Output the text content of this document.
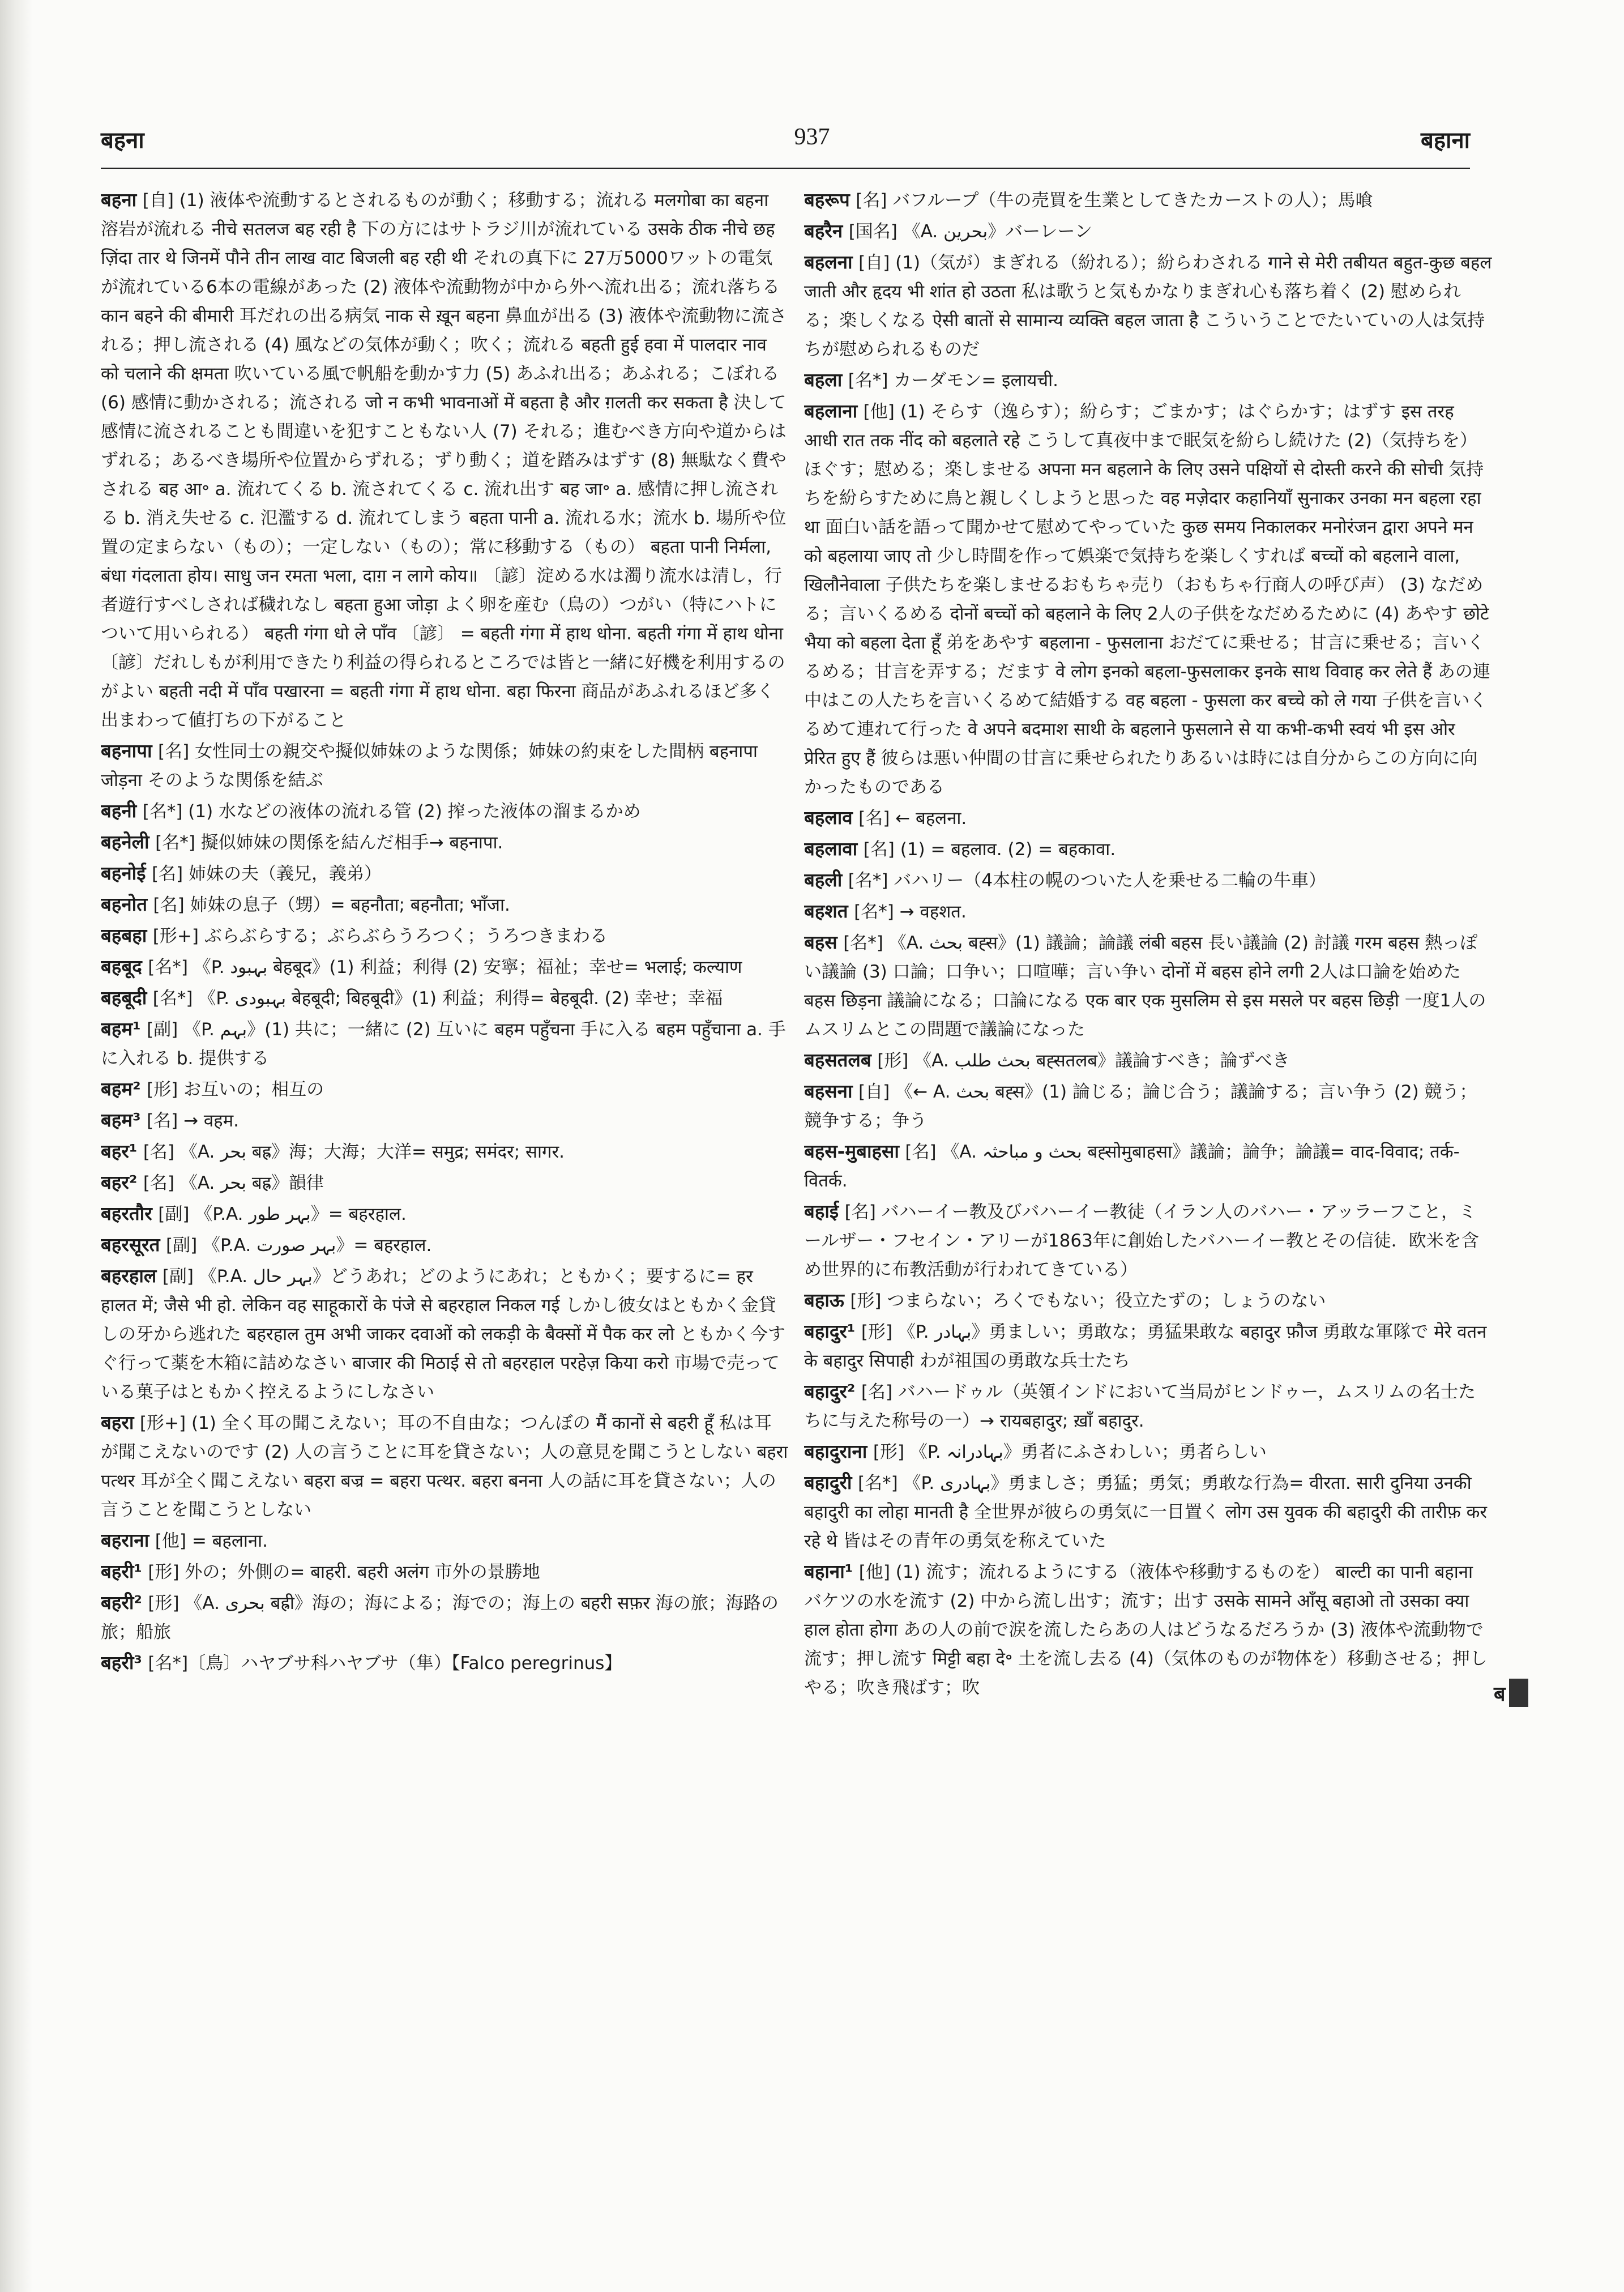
बहना	937	बहाना

बहना [自] (1) 液体や流動するとされるものが動く；移動する；流れる मलगोबा का बहना 溶岩が流れる नीचे सतलज बह रही है 下の方にはサトラジ川が流れている उसके ठीक नीचे छह ज़िंदा तार थे जिनमें पौने तीन लाख वाट बिजली बह रही थी それの真下に 27万5000ワットの電気が流れている6本の電線があった (2) 液体や流動物が中から外へ流れ出る；流れ落ちる कान बहने की बीमारी 耳だれの出る病気 नाक से ख़ून बहना 鼻血が出る (3) 液体や流動物に流される；押し流される (4) 風などの気体が動く；吹く；流れる बहती हुई हवा में पालदार नाव को चलाने की क्षमता 吹いている風で帆船を動かす力 (5) あふれ出る；あふれる；こぼれる (6) 感情に動かされる；流される जो न कभी भावनाओं में बहता है और ग़लती कर सकता है 決して感情に流されることも間違いを犯すこともない人 (7) それる；進むべき方向や道からはずれる；あるべき場所や位置からずれる；ずり動く；道を踏みはずす (8) 無駄なく費やされる बह आ॰ a. 流れてくる b. 流されてくる c. 流れ出す बह जा॰ a. 感情に押し流される b. 消え失せる c. 氾濫する d. 流れてしまう बहता पानी a. 流れる水；流水 b. 場所や位置の定まらない（もの）；一定しない（もの）；常に移動する（もの） बहता पानी निर्मला, बंधा गंदलाता होय। साधु जन रमता भला, दाग़ न लागे कोय॥ 〔諺〕淀める水は濁り流水は清し，行者遊行すべしされば穢れなし बहता हुआ जोड़ा よく卵を産む（鳥の）つがい（特にハトについて用いられる） बहती गंगा धो ले पाँव 〔諺〕 = बहती गंगा में हाथ धोना. बहती गंगा में हाथ धोना 〔諺〕だれしもが利用できたり利益の得られるところでは皆と一緒に好機を利用するのがよい बहती नदी में पाँव पखारना = बहती गंगा में हाथ धोना. बहा फिरना 商品があふれるほど多く出まわって値打ちの下がること

बहनापा [名] 女性同士の親交や擬似姉妹のような関係；姉妹の約束をした間柄 बहनापा जोड़ना そのような関係を結ぶ

बहनी [名*] (1) 水などの液体の流れる管 (2) 搾った液体の溜まるかめ

बहनेली [名*] 擬似姉妹の関係を結んだ相手→ बहनापा.

बहनोई [名] 姉妹の夫（義兄，義弟）

बहनोत [名] 姉妹の息子（甥）= बहनौता; बहनौता; भाँजा.

बहबहा [形+] ぶらぶらする；ぶらぶらうろつく；うろつきまわる

बहबूद [名*] 《P. بہبود बेहबूद》(1) 利益；利得 (2) 安寧；福祉；幸せ= भलाई; कल्याण

बहबूदी [名*] 《P. بہبودی बेहबूदी; बिहबूदी》(1) 利益；利得= बेहबूदी. (2) 幸せ；幸福

बहम¹ [副] 《P. بہم》(1) 共に；一緒に (2) 互いに बहम पहुँचना 手に入る बहम पहुँचाना a. 手に入れる b. 提供する

बहम² [形] お互いの；相互の

बहम³ [名] → वहम.

बहर¹ [名] 《A. بحر बह्र》海；大海；大洋= समुद्र; समंदर; सागर.

बहर² [名] 《A. بحر बह्र》韻律

बहरतौर [副] 《P.A. بہر طور》= बहरहाल.

बहरसूरत [副] 《P.A. بہر صورت》= बहरहाल.

बहरहाल [副] 《P.A. بہر حال》どうあれ；どのようにあれ；ともかく；要するに= हर हालत में; जैसे भी हो. लेकिन वह साहूकारों के पंजे से बहरहाल निकल गई しかし彼女はともかく金貸しの牙から逃れた बहरहाल तुम अभी जाकर दवाओं को लकड़ी के बैक्सों में पैक कर लो ともかく今すぐ行って薬を木箱に詰めなさい बाजार की मिठाई से तो बहरहाल परहेज़ किया करो 市場で売っている菓子はともかく控えるようにしなさい

बहरा [形+] (1) 全く耳の聞こえない；耳の不自由な；つんぼの मैं कानों से बहरी हूँ 私は耳が聞こえないのです (2) 人の言うことに耳を貸さない；人の意見を聞こうとしない बहरा पत्थर 耳が全く聞こえない बहरा बज्र = बहरा पत्थर. बहरा बनना 人の話に耳を貸さない；人の言うことを聞こうとしない

बहराना [他] = बहलाना.

बहरी¹ [形] 外の；外側の= बाहरी. बहरी अलंग 市外の景勝地

बहरी² [形] 《A. بحری बह्री》海の；海による；海での；海上の बहरी सफ़र 海の旅；海路の旅；船旅

बहरी³ [名*]〔鳥〕ハヤブサ科ハヤブサ（隼）【Falco peregrinus】

बहरूप [名] バフループ（牛の売買を生業としてきたカーストの人）；馬喰

बहरैन [国名] 《A. بحرین》バーレーン

बहलना [自] (1)（気が）まぎれる（紛れる）；紛らわされる गाने से मेरी तबीयत बहुत-कुछ बहल जाती और हृदय भी शांत हो उठता 私は歌うと気もかなりまぎれ心も落ち着く (2) 慰められる；楽しくなる ऐसी बातों से सामान्य व्यक्ति बहल जाता है こういうことでたいていの人は気持ちが慰められるものだ

बहला [名*] カーダモン= इलायची.

बहलाना [他] (1) そらす（逸らす）；紛らす；ごまかす；はぐらかす；はずす इस तरह आधी रात तक नींद को बहलाते रहे こうして真夜中まで眠気を紛らし続けた (2)（気持ちを）ほぐす；慰める；楽しませる अपना मन बहलाने के लिए उसने पक्षियों से दोस्ती करने की सोची 気持ちを紛らすために鳥と親しくしようと思った वह मज़ेदार कहानियाँ सुनाकर उनका मन बहला रहा था 面白い話を語って聞かせて慰めてやっていた कुछ समय निकालकर मनोरंजन द्वारा अपने मन को बहलाया जाए तो 少し時間を作って娯楽で気持ちを楽しくすれば बच्चों को बहलाने वाला, खिलौनेवाला 子供たちを楽しませるおもちゃ売り（おもちゃ行商人の呼び声） (3) なだめる；言いくるめる दोनों बच्चों को बहलाने के लिए 2人の子供をなだめるために (4) あやす छोटे भैया को बहला देता हूँ 弟をあやす बहलाना - फुसलाना おだてに乗せる；甘言に乗せる；言いくるめる；甘言を弄する；だます वे लोग इनको बहला-फुसलाकर इनके साथ विवाह कर लेते हैं あの連中はこの人たちを言いくるめて結婚する वह बहला - फुसला कर बच्चे को ले गया 子供を言いくるめて連れて行った वे अपने बदमाश साथी के बहलाने फुसलाने से या कभी-कभी स्वयं भी इस ओर प्रेरित हुए हैं 彼らは悪い仲間の甘言に乗せられたりあるいは時には自分からこの方向に向かったものである

बहलाव [名] ← बहलना.

बहलावा [名] (1) = बहलाव. (2) = बहकावा.

बहली [名*] バハリー（4本柱の幌のついた人を乗せる二輪の牛車）

बहशत [名*] → वहशत.

बहस [名*] 《A. بحث बह्स》(1) 議論；論議 लंबी बहस 長い議論 (2) 討議 गरम बहस 熱っぽい議論 (3) 口論；口争い；口喧嘩；言い争い दोनों में बहस होने लगी 2人は口論を始めた बहस छिड़ना 議論になる；口論になる एक बार एक मुसलिम से इस मसले पर बहस छिड़ी 一度1人のムスリムとこの問題で議論になった

बहसतलब [形] 《A. بحث طلب बह्सतलब》議論すべき；論ずべき

बहसना [自] 《← A. بحث बह्स》(1) 論じる；論じ合う；議論する；言い争う (2) 競う；競争する；争う

बहस-मुबाहसा [名] 《A. بحث و مباحثہ बह्सोमुबाहसा》議論；論争；論議= वाद-विवाद; तर्क-वितर्क.

बहाई [名] バハーイー教及びバハーイー教徒（イラン人のバハー・アッラーフこと，ミールザー・フセイン・アリーが1863年に創始したバハーイー教とその信徒．欧米を含め世界的に布教活動が行われてきている）

बहाऊ [形] つまらない；ろくでもない；役立たずの；しょうのない

बहादुर¹ [形] 《P. بہادر》勇ましい；勇敢な；勇猛果敢な बहादुर फ़ौज 勇敢な軍隊で मेरे वतन के बहादुर सिपाही わが祖国の勇敢な兵士たち

बहादुर² [名] バハードゥル（英領インドにおいて当局がヒンドゥー，ムスリムの名士たちに与えた称号の一）→ रायबहादुर; ख़ाँ बहादुर.

बहादुराना [形] 《P. بہادرانہ》勇者にふさわしい；勇者らしい

बहादुरी [名*] 《P. بہادری》勇ましさ；勇猛；勇気；勇敢な行為= वीरता. सारी दुनिया उनकी बहादुरी का लोहा मानती है 全世界が彼らの勇気に一目置く लोग उस युवक की बहादुरी की तारीफ़ कर रहे थे 皆はその青年の勇気を称えていた

बहाना¹ [他] (1) 流す；流れるようにする（液体や移動するものを） बाल्टी का पानी बहाना バケツの水を流す (2) 中から流し出す；流す；出す उसके सामने आँसू बहाओ तो उसका क्या हाल होता होगा あの人の前で涙を流したらあの人はどうなるだろうか (3) 液体や流動物で流す；押し流す मिट्टी बहा दे॰ 土を流し去る (4)（気体のものが物体を）移動させる；押しやる；吹き飛ばす；吹	ब
